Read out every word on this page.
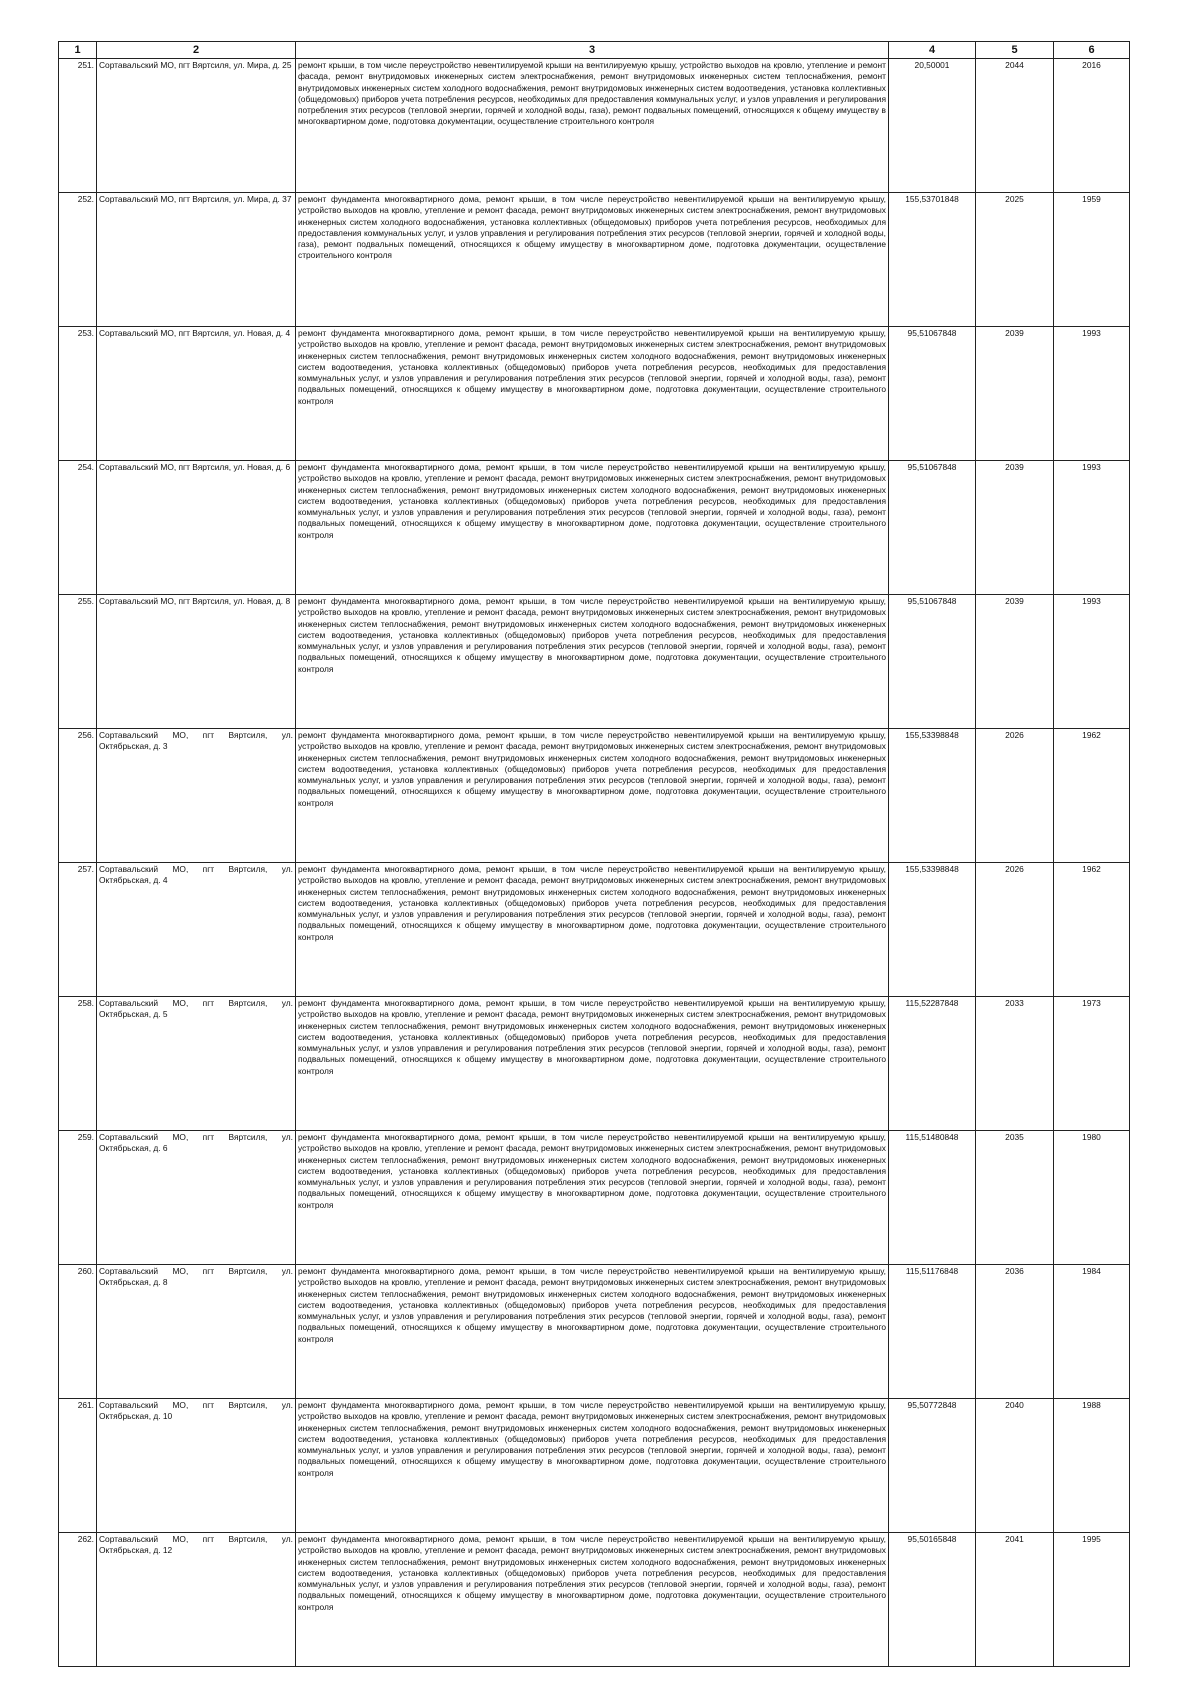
1	2	3	4	5	6
251.	Сортавальский МО, пгт Вяртсиля, ул. Мира, д. 25	ремонт крыши, в том числе переустройство невентилируемой крыши на вентилируемую крышу, устройство выходов на кровлю, утепление и ремонт фасада, ремонт внутридомовых инженерных систем электроснабжения, ремонт внутридомовых инженерных систем теплоснабжения, ремонт внутридомовых инженерных систем холодного водоснабжения, ремонт внутридомовых инженерных систем водоотведения, установка коллективных (общедомовых) приборов учета потребления ресурсов, необходимых для предоставления коммунальных услуг, и узлов управления и регулирования потребления этих ресурсов (тепловой энергии, горячей и холодной воды, газа), ремонт подвальных помещений, относящихся к общему имуществу в многоквартирном доме, подготовка документации, осуществление строительного контроля	20,50001	2044	2016
252.	Сортавальский МО, пгт Вяртсиля, ул. Мира, д. 37	ремонт фундамента многоквартирного дома, ремонт крыши, в том числе переустройство невентилируемой крыши на вентилируемую крышу, устройство выходов на кровлю, утепление и ремонт фасада, ремонт внутридомовых инженерных систем электроснабжения, ремонт внутридомовых инженерных систем холодного водоснабжения, установка коллективных (общедомовых) приборов учета потребления ресурсов, необходимых для предоставления коммунальных услуг, и узлов управления и регулирования потребления этих ресурсов (тепловой энергии, горячей и холодной воды, газа), ремонт подвальных помещений, относящихся к общему имуществу в многоквартирном доме, подготовка документации, осуществление строительного контроля	155,53701848	2025	1959
253.	Сортавальский МО, пгт Вяртсиля, ул. Новая, д. 4	ремонт фундамента многоквартирного дома, ремонт крыши, в том числе переустройство невентилируемой крыши на вентилируемую крышу, устройство выходов на кровлю, утепление и ремонт фасада, ремонт внутридомовых инженерных систем электроснабжения, ремонт внутридомовых инженерных систем теплоснабжения, ремонт внутридомовых инженерных систем холодного водоснабжения, ремонт внутридомовых инженерных систем водоотведения, установка коллективных (общедомовых) приборов учета потребления ресурсов, необходимых для предоставления коммунальных услуг, и узлов управления и регулирования потребления этих ресурсов (тепловой энергии, горячей и холодной воды, газа), ремонт подвальных помещений, относящихся к общему имуществу в многоквартирном доме, подготовка документации, осуществление строительного контроля	95,51067848	2039	1993
254.	Сортавальский МО, пгт Вяртсиля, ул. Новая, д. 6	ремонт фундамента многоквартирного дома, ремонт крыши, в том числе переустройство невентилируемой крыши на вентилируемую крышу, устройство выходов на кровлю, утепление и ремонт фасада, ремонт внутридомовых инженерных систем электроснабжения, ремонт внутридомовых инженерных систем теплоснабжения, ремонт внутридомовых инженерных систем холодного водоснабжения, ремонт внутридомовых инженерных систем водоотведения, установка коллективных (общедомовых) приборов учета потребления ресурсов, необходимых для предоставления коммунальных услуг, и узлов управления и регулирования потребления этих ресурсов (тепловой энергии, горячей и холодной воды, газа), ремонт подвальных помещений, относящихся к общему имуществу в многоквартирном доме, подготовка документации, осуществление строительного контроля	95,51067848	2039	1993
255.	Сортавальский МО, пгт Вяртсиля, ул. Новая, д. 8	ремонт фундамента многоквартирного дома, ремонт крыши, в том числе переустройство невентилируемой крыши на вентилируемую крышу, устройство выходов на кровлю, утепление и ремонт фасада, ремонт внутридомовых инженерных систем электроснабжения, ремонт внутридомовых инженерных систем теплоснабжения, ремонт внутридомовых инженерных систем холодного водоснабжения, ремонт внутридомовых инженерных систем водоотведения, установка коллективных (общедомовых) приборов учета потребления ресурсов, необходимых для предоставления коммунальных услуг, и узлов управления и регулирования потребления этих ресурсов (тепловой энергии, горячей и холодной воды, газа), ремонт подвальных помещений, относящихся к общему имуществу в многоквартирном доме, подготовка документации, осуществление строительного контроля	95,51067848	2039	1993
256.	Сортавальский МО, пгт Вяртсиля, ул. Октябрьская, д. 3	ремонт фундамента многоквартирного дома, ремонт крыши, в том числе переустройство невентилируемой крыши на вентилируемую крышу, устройство выходов на кровлю, утепление и ремонт фасада, ремонт внутридомовых инженерных систем электроснабжения, ремонт внутридомовых инженерных систем теплоснабжения, ремонт внутридомовых инженерных систем холодного водоснабжения, ремонт внутридомовых инженерных систем водоотведения, установка коллективных (общедомовых) приборов учета потребления ресурсов, необходимых для предоставления коммунальных услуг, и узлов управления и регулирования потребления этих ресурсов (тепловой энергии, горячей и холодной воды, газа), ремонт подвальных помещений, относящихся к общему имуществу в многоквартирном доме, подготовка документации, осуществление строительного контроля	155,53398848	2026	1962
257.	Сортавальский МО, пгт Вяртсиля, ул. Октябрьская, д. 4	ремонт фундамента многоквартирного дома, ремонт крыши, в том числе переустройство невентилируемой крыши на вентилируемую крышу, устройство выходов на кровлю, утепление и ремонт фасада, ремонт внутридомовых инженерных систем электроснабжения, ремонт внутридомовых инженерных систем теплоснабжения, ремонт внутридомовых инженерных систем холодного водоснабжения, ремонт внутридомовых инженерных систем водоотведения, установка коллективных (общедомовых) приборов учета потребления ресурсов, необходимых для предоставления коммунальных услуг, и узлов управления и регулирования потребления этих ресурсов (тепловой энергии, горячей и холодной воды, газа), ремонт подвальных помещений, относящихся к общему имуществу в многоквартирном доме, подготовка документации, осуществление строительного контроля	155,53398848	2026	1962
258.	Сортавальский МО, пгт Вяртсиля, ул. Октябрьская, д. 5	ремонт фундамента многоквартирного дома, ремонт крыши, в том числе переустройство невентилируемой крыши на вентилируемую крышу, устройство выходов на кровлю, утепление и ремонт фасада, ремонт внутридомовых инженерных систем электроснабжения, ремонт внутридомовых инженерных систем теплоснабжения, ремонт внутридомовых инженерных систем холодного водоснабжения, ремонт внутридомовых инженерных систем водоотведения, установка коллективных (общедомовых) приборов учета потребления ресурсов, необходимых для предоставления коммунальных услуг, и узлов управления и регулирования потребления этих ресурсов (тепловой энергии, горячей и холодной воды, газа), ремонт подвальных помещений, относящихся к общему имуществу в многоквартирном доме, подготовка документации, осуществление строительного контроля	115,52287848	2033	1973
259.	Сортавальский МО, пгт Вяртсиля, ул. Октябрьская, д. 6	ремонт фундамента многоквартирного дома, ремонт крыши, в том числе переустройство невентилируемой крыши на вентилируемую крышу, устройство выходов на кровлю, утепление и ремонт фасада, ремонт внутридомовых инженерных систем электроснабжения, ремонт внутридомовых инженерных систем теплоснабжения, ремонт внутридомовых инженерных систем холодного водоснабжения, ремонт внутридомовых инженерных систем водоотведения, установка коллективных (общедомовых) приборов учета потребления ресурсов, необходимых для предоставления коммунальных услуг, и узлов управления и регулирования потребления этих ресурсов (тепловой энергии, горячей и холодной воды, газа), ремонт подвальных помещений, относящихся к общему имуществу в многоквартирном доме, подготовка документации, осуществление строительного контроля	115,51480848	2035	1980
260.	Сортавальский МО, пгт Вяртсиля, ул. Октябрьская, д. 8	ремонт фундамента многоквартирного дома, ремонт крыши, в том числе переустройство невентилируемой крыши на вентилируемую крышу, устройство выходов на кровлю, утепление и ремонт фасада, ремонт внутридомовых инженерных систем электроснабжения, ремонт внутридомовых инженерных систем теплоснабжения, ремонт внутридомовых инженерных систем холодного водоснабжения, ремонт внутридомовых инженерных систем водоотведения, установка коллективных (общедомовых) приборов учета потребления ресурсов, необходимых для предоставления коммунальных услуг, и узлов управления и регулирования потребления этих ресурсов (тепловой энергии, горячей и холодной воды, газа), ремонт подвальных помещений, относящихся к общему имуществу в многоквартирном доме, подготовка документации, осуществление строительного контроля	115,51176848	2036	1984
261.	Сортавальский МО, пгт Вяртсиля, ул. Октябрьская, д. 10	ремонт фундамента многоквартирного дома, ремонт крыши, в том числе переустройство невентилируемой крыши на вентилируемую крышу, устройство выходов на кровлю, утепление и ремонт фасада, ремонт внутридомовых инженерных систем электроснабжения, ремонт внутридомовых инженерных систем теплоснабжения, ремонт внутридомовых инженерных систем холодного водоснабжения, ремонт внутридомовых инженерных систем водоотведения, установка коллективных (общедомовых) приборов учета потребления ресурсов, необходимых для предоставления коммунальных услуг, и узлов управления и регулирования потребления этих ресурсов (тепловой энергии, горячей и холодной воды, газа), ремонт подвальных помещений, относящихся к общему имуществу в многоквартирном доме, подготовка документации, осуществление строительного контроля	95,50772848	2040	1988
262.	Сортавальский МО, пгт Вяртсиля, ул. Октябрьская, д. 12	ремонт фундамента многоквартирного дома, ремонт крыши, в том числе переустройство невентилируемой крыши на вентилируемую крышу, устройство выходов на кровлю, утепление и ремонт фасада, ремонт внутридомовых инженерных систем электроснабжения, ремонт внутридомовых инженерных систем теплоснабжения, ремонт внутридомовых инженерных систем холодного водоснабжения, ремонт внутридомовых инженерных систем водоотведения, установка коллективных (общедомовых) приборов учета потребления ресурсов, необходимых для предоставления коммунальных услуг, и узлов управления и регулирования потребления этих ресурсов (тепловой энергии, горячей и холодной воды, газа), ремонт подвальных помещений, относящихся к общему имуществу в многоквартирном доме, подготовка документации, осуществление строительного контроля	95,50165848	2041	1995
